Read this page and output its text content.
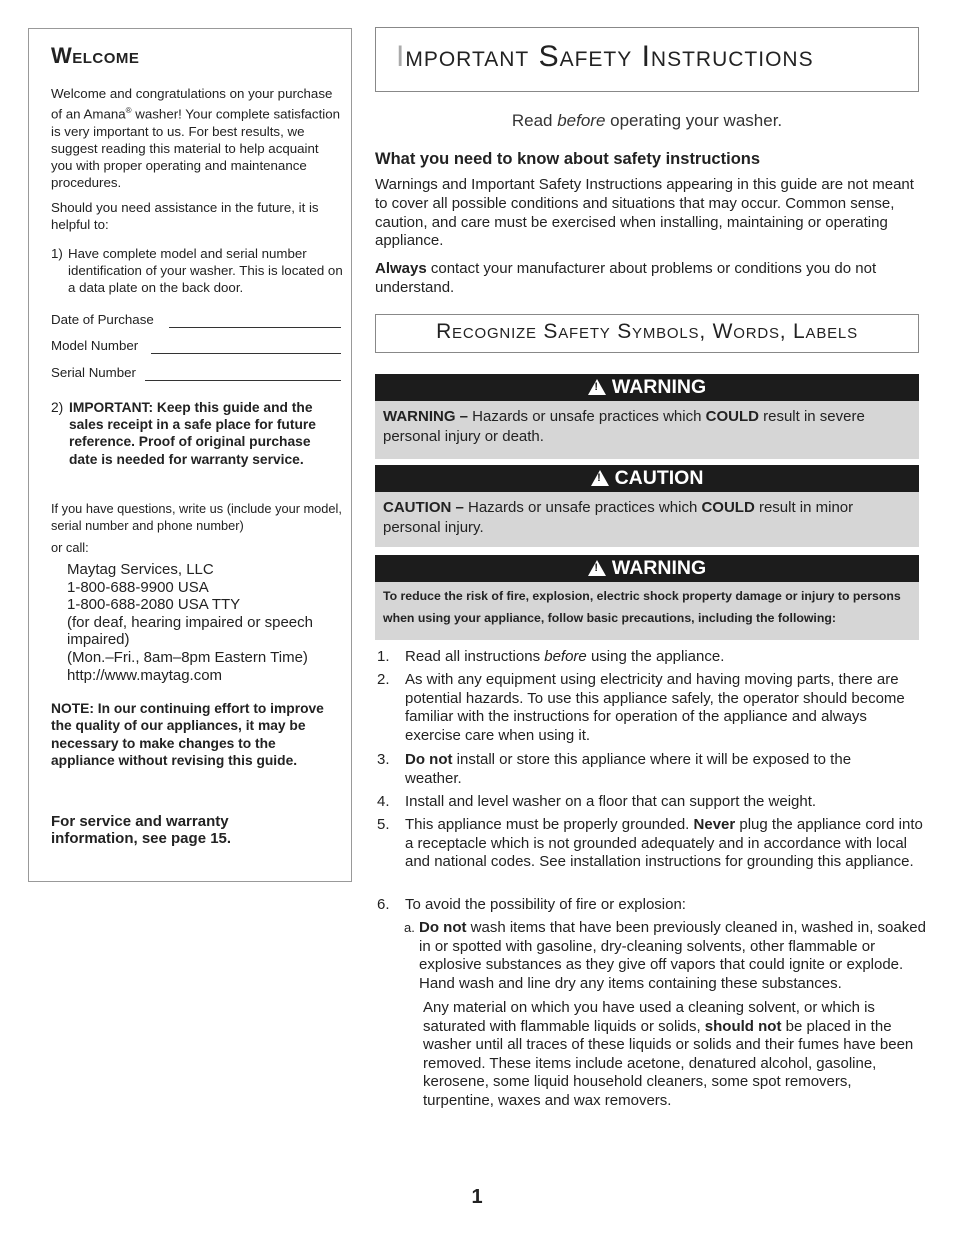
Welcome

Welcome and congratulations on your purchase of an Amana® washer! Your complete satisfaction is very important to us. For best results, we suggest reading this material to help acquaint you with proper operating and maintenance procedures.

Should you need assistance in the future, it is helpful to:

1) Have complete model and serial number identification of your washer. This is located on a data plate on the back door.
Date of Purchase
Model Number
Serial Number
2) IMPORTANT: Keep this guide and the sales receipt in a safe place for future reference. Proof of original purchase date is needed for warranty service.

If you have questions, write us (include your model, serial number and phone number)

or call:

Maytag Services, LLC
1-800-688-9900 USA
1-800-688-2080 USA TTY
(for deaf, hearing impaired or speech impaired)
(Mon.–Fri., 8am–8pm Eastern Time)
http://www.maytag.com

NOTE: In our continuing effort to improve the quality of our appliances, it may be necessary to make changes to the appliance without revising this guide.

For service and warranty information, see page 15.

Important Safety Instructions
Read before operating your washer.
What you need to know about safety instructions

Warnings and Important Safety Instructions appearing in this guide are not meant to cover all possible conditions and situations that may occur. Common sense, caution, and care must be exercised when installing, maintaining or operating appliance.

Always contact your manufacturer about problems or conditions you do not understand.

Recognize Safety Symbols, Words, Labels
!WARNING
WARNING – Hazards or unsafe practices which COULD result in severe personal injury or death.
!CAUTION
CAUTION – Hazards or unsafe practices which COULD result in minor personal injury.
!WARNING
To reduce the risk of fire, explosion, electric shock property damage or injury to persons when using your appliance, follow basic precautions, including the following:
1. Read all instructions before using the appliance.
2. As with any equipment using electricity and having moving parts, there are potential hazards. To use this appliance safely, the operator should become familiar with the instructions for operation of the appliance and always exercise care when using it.
3. Do not install or store this appliance where it will be exposed to the weather.
4. Install and level washer on a floor that can support the weight.
5. This appliance must be properly grounded. Never plug the appliance cord into a receptacle which is not grounded adequately and in accordance with local and national codes. See installation instructions for grounding this appliance.
6. To avoid the possibility of fire or explosion:
a. Do not wash items that have been previously cleaned in, washed in, soaked in or spotted with gasoline, dry-cleaning solvents, other flammable or explosive substances as they give off vapors that could ignite or explode. Hand wash and line dry any items containing these substances.
Any material on which you have used a cleaning solvent, or which is saturated with flammable liquids or solids, should not be placed in the washer until all traces of these liquids or solids and their fumes have been removed. These items include acetone, denatured alcohol, gasoline, kerosene, some liquid household cleaners, some spot removers, turpentine, waxes and wax removers.
1
